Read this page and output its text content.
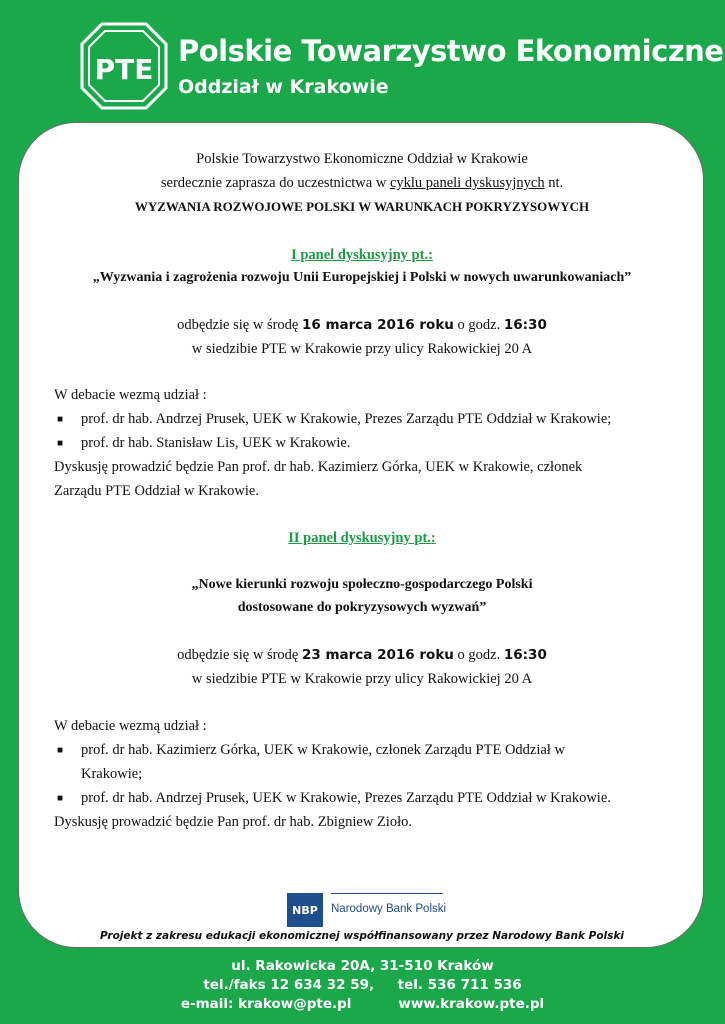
PTE
Polskie Towarzystwo Ekonomiczne
Oddział w Krakowie
Polskie Towarzystwo Ekonomiczne Oddział w Krakowie
serdecznie zaprasza do uczestnictwa w cyklu paneli dyskusyjnych nt.
WYZWANIA ROZWOJOWE POLSKI W WARUNKACH POKRYZYSOWYCH
I panel dyskusyjny pt.:
„Wyzwania i zagrożenia rozwoju Unii Europejskiej i Polski w nowych uwarunkowaniach”
odbędzie się w środę 16 marca 2016 roku o godz. 16:30
w siedzibie PTE w Krakowie przy ulicy Rakowickiej 20 A
W debacie wezmą udział :
■ prof. dr hab. Andrzej Prusek, UEK w Krakowie, Prezes Zarządu PTE Oddział w Krakowie;
■ prof. dr hab. Stanisław Lis, UEK w Krakowie.
Dyskusję prowadzić będzie Pan prof. dr hab. Kazimierz Górka, UEK w Krakowie, członek
Zarządu PTE Oddział w Krakowie.
II panel dyskusyjny pt.:
„Nowe kierunki rozwoju społeczno-gospodarczego Polski
dostosowane do pokryzysowych wyzwań”
odbędzie się w środę 23 marca 2016 roku o godz. 16:30
w siedzibie PTE w Krakowie przy ulicy Rakowickiej 20 A
W debacie wezmą udział :
■ prof. dr hab. Kazimierz Górka, UEK w Krakowie, członek Zarządu PTE Oddział w
Krakowie;
■ prof. dr hab. Andrzej Prusek, UEK w Krakowie, Prezes Zarządu PTE Oddział w Krakowie.
Dyskusję prowadzić będzie Pan prof. dr hab. Zbigniew Zioło.
NBP	Narodowy Bank Polski
Projekt z zakresu edukacji ekonomicznej współfinansowany przez Narodowy Bank Polski
ul. Rakowicka 20A, 31-510 Kraków
tel./faks 12 634 32 59,     tel. 536 711 536
e-mail: krakow@pte.pl          www.krakow.pte.pl
